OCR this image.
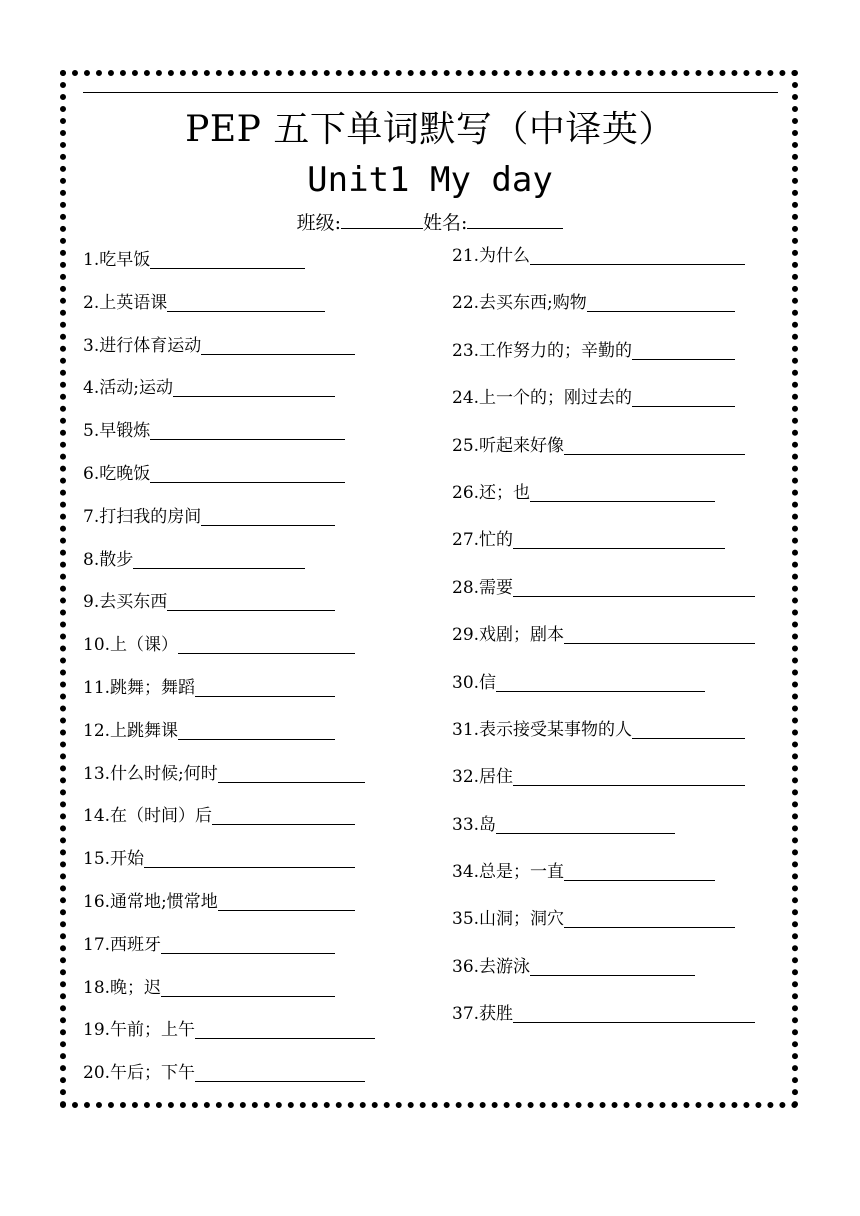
PEP 五下单词默写（中译英）
Unit1 My day
班级:	姓名:
1. 吃早饭
2. 上英语课
3. 进行体育运动
4. 活动;运动
5. 早锻炼
6. 吃晚饭
7. 打扫我的房间
8. 散步
9. 去买东西
10. 上（课）
11. 跳舞；舞蹈
12. 上跳舞课
13. 什么时候;何时
14. 在（时间）后
15. 开始
16. 通常地;惯常地
17. 西班牙
18. 晚；迟
19. 午前；上午
20. 午后；下午
21. 为什么
22. 去买东西;购物
23. 工作努力的；辛勤的
24. 上一个的；刚过去的
25. 听起来好像
26. 还；也
27. 忙的
28. 需要
29. 戏剧；剧本
30. 信
31. 表示接受某事物的人
32. 居住
33. 岛
34. 总是；一直
35. 山洞；洞穴
36. 去游泳
37. 获胜
